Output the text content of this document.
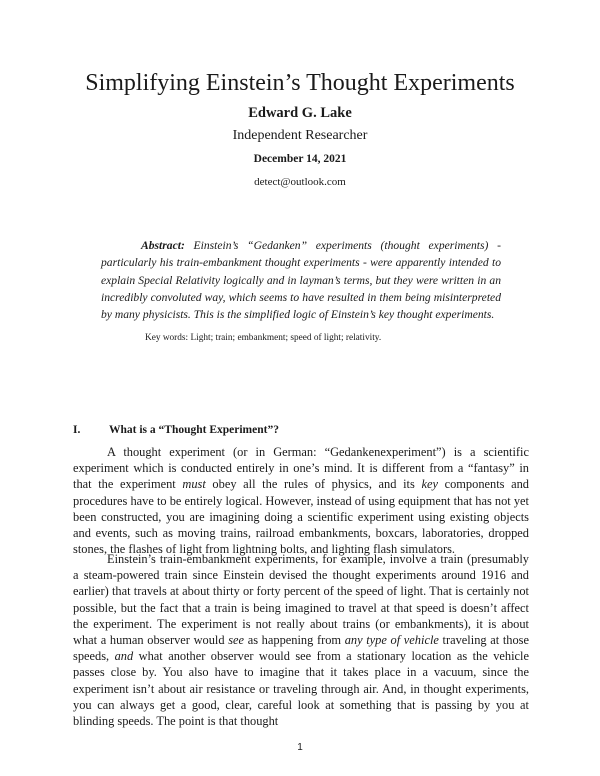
Simplifying Einstein’s Thought Experiments
Edward G. Lake
Independent Researcher
December 14, 2021
detect@outlook.com
Abstract: Einstein’s “Gedanken” experiments (thought experiments) - particularly his train-embankment thought experiments - were apparently intended to explain Special Relativity logically and in layman’s terms, but they were written in an incredibly convoluted way, which seems to have resulted in them being misinterpreted by many physicists. This is the simplified logic of Einstein’s key thought experiments.
Key words: Light; train; embankment; speed of light; relativity.
I. What is a “Thought Experiment”?
A thought experiment (or in German: “Gedankenexperiment”) is a scientific experiment which is conducted entirely in one’s mind. It is different from a “fantasy” in that the experiment must obey all the rules of physics, and its key components and procedures have to be entirely logical. However, instead of using equipment that has not yet been constructed, you are imagining doing a scientific experiment using existing objects and events, such as moving trains, railroad embankments, boxcars, laboratories, dropped stones, the flashes of light from lightning bolts, and lighting flash simulators.
Einstein’s train-embankment experiments, for example, involve a train (presumably a steam-powered train since Einstein devised the thought experiments around 1916 and earlier) that travels at about thirty or forty percent of the speed of light. That is certainly not possible, but the fact that a train is being imagined to travel at that speed is doesn’t affect the experiment. The experiment is not really about trains (or embankments), it is about what a human observer would see as happening from any type of vehicle traveling at those speeds, and what another observer would see from a stationary location as the vehicle passes close by. You also have to imagine that it takes place in a vacuum, since the experiment isn’t about air resistance or traveling through air. And, in thought experiments, you can always get a good, clear, careful look at something that is passing by you at blinding speeds. The point is that thought
1
